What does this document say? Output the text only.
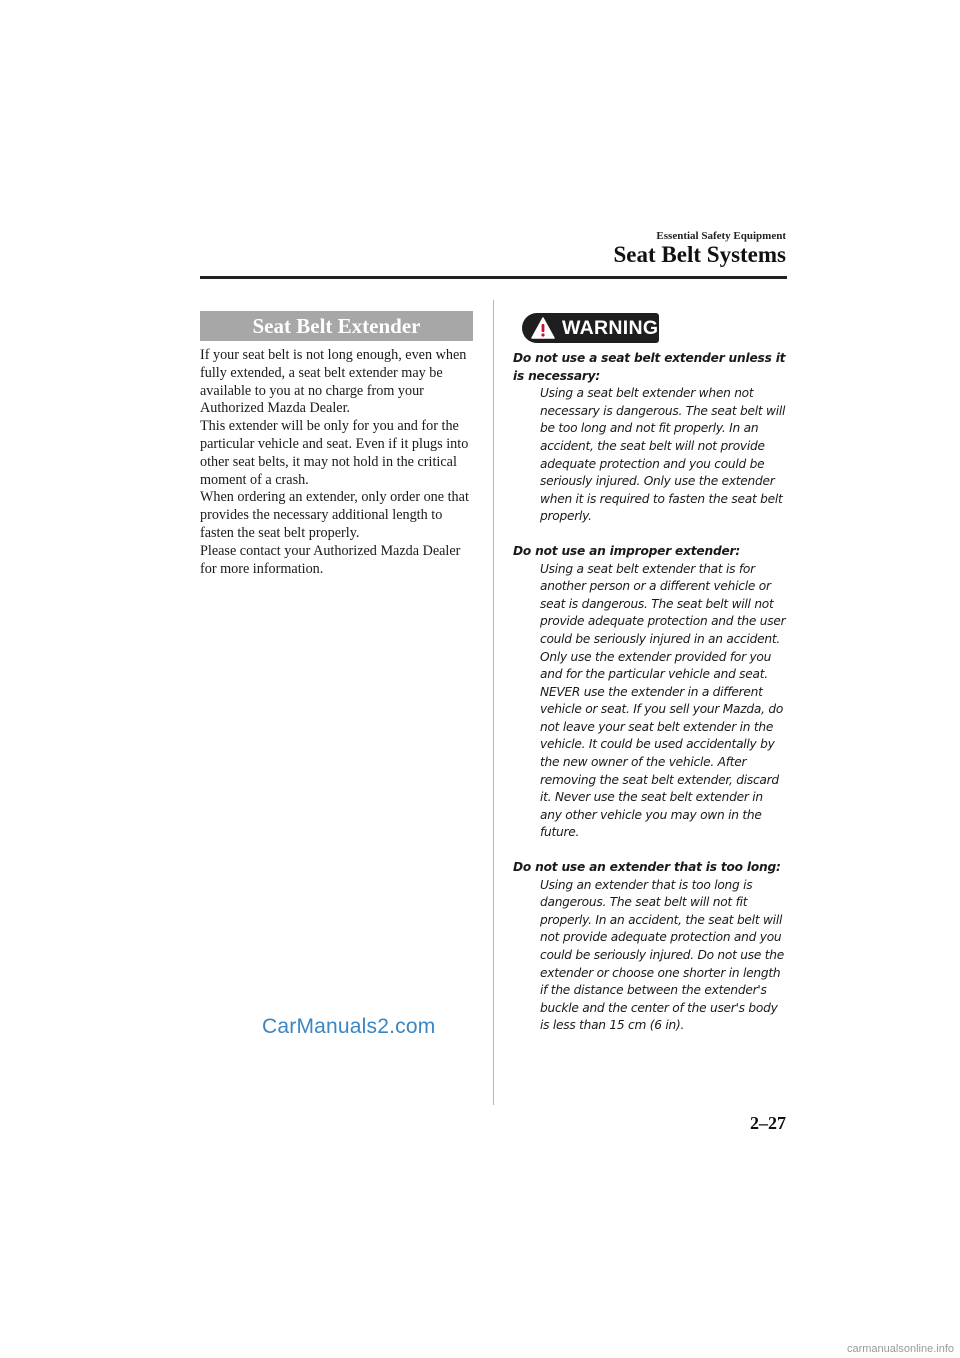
Essential Safety Equipment
Seat Belt Systems
Seat Belt Extender

If your seat belt is not long enough, even when fully extended, a seat belt extender may be available to you at no charge from your Authorized Mazda Dealer.

This extender will be only for you and for the particular vehicle and seat. Even if it plugs into other seat belts, it may not hold in the critical moment of a crash.

When ordering an extender, only order one that provides the necessary additional length to fasten the seat belt properly.

Please contact your Authorized Mazda Dealer for more information.

WARNING

Do not use a seat belt extender unless it is necessary:

Using a seat belt extender when not necessary is dangerous. The seat belt will be too long and not fit properly. In an accident, the seat belt will not provide adequate protection and you could be seriously injured. Only use the extender when it is required to fasten the seat belt properly.

Do not use an improper extender:

Using a seat belt extender that is for another person or a different vehicle or seat is dangerous. The seat belt will not provide adequate protection and the user could be seriously injured in an accident. Only use the extender provided for you and for the particular vehicle and seat. NEVER use the extender in a different vehicle or seat. If you sell your Mazda, do not leave your seat belt extender in the vehicle. It could be used accidentally by the new owner of the vehicle. After removing the seat belt extender, discard it. Never use the seat belt extender in any other vehicle you may own in the future.

Do not use an extender that is too long:

Using an extender that is too long is dangerous. The seat belt will not fit properly. In an accident, the seat belt will not provide adequate protection and you could be seriously injured. Do not use the extender or choose one shorter in length if the distance between the extender's buckle and the center of the user's body is less than 15 cm (6 in).

CarManuals2.com
2–27
carmanualsonline.info
